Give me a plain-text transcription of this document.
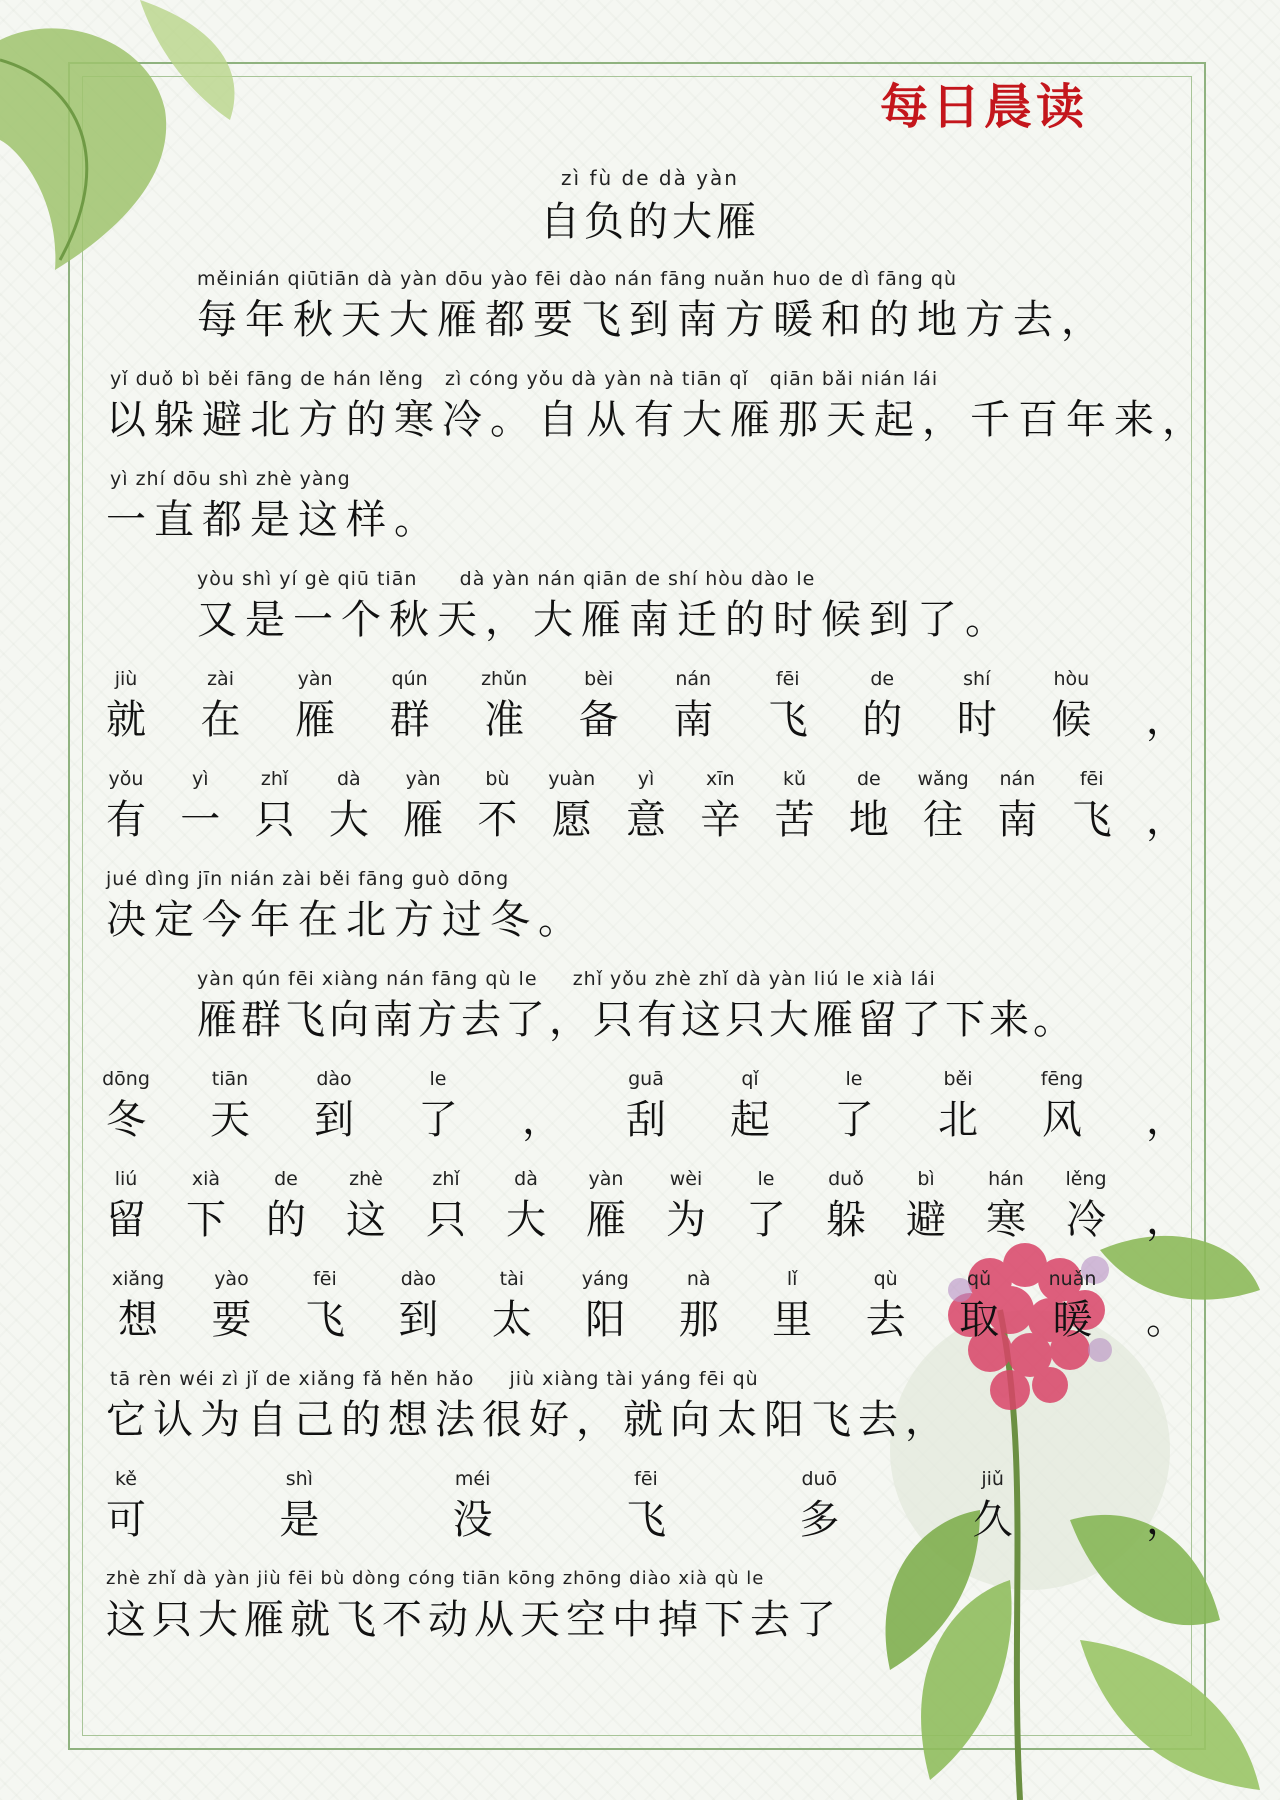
每日晨读
zì fù de dà yàn
自负的大雁
měinián qiūtiān dà yàn dōu yào fēi dào nán fāng nuǎn huo de dì fāng qù
每年秋天大雁都要飞到南方暖和的地方去，
yǐ duǒ bì běi fāng de hán lěng   zì cóng yǒu dà yàn nà tiān qǐ   qiān bǎi nián lái
以躲避北方的寒冷。自从有大雁那天起，千百年来，
yì zhí dōu shì zhè yàng
一直都是这样。
yòu shì yí gè qiū tiān      dà yàn nán qiān de shí hòu dào le
又是一个秋天，大雁南迁的时候到了。
jiù	zài	yàn	qún	zhǔn	bèi	nán	fēi	de	shí	hòu
就 在 雁 群 准 备 南 飞 的 时 候 ，
yǒu	yì	zhǐ	dà	yàn	bù	yuàn	yì	xīn	kǔ	de	wǎng	nán	fēi
有 一 只 大 雁 不 愿 意 辛 苦 地 往 南 飞 ，
jué dìng jīn nián zài běi fāng guò dōng
决定今年在北方过冬。
yàn qún fēi xiàng nán fāng qù le     zhǐ yǒu zhè zhǐ dà yàn liú le xià lái
雁群飞向南方去了，只有这只大雁留了下来。
dōng	tiān	dào	le	guā	qǐ	le	běi	fēng
冬 天 到 了 ， 刮 起 了 北 风 ，
liú	xià	de	zhè	zhǐ	dà	yàn	wèi	le	duǒ	bì	hán	lěng
留 下 的 这 只 大 雁 为 了 躲 避 寒 冷 ，
xiǎng	yào	fēi	dào	tài	yáng	nà	lǐ	qù	qǔ	nuǎn
想 要 飞 到 太 阳 那 里 去 取 暖 。
tā rèn wéi zì jǐ de xiǎng fǎ hěn hǎo     jiù xiàng tài yáng fēi qù
它认为自己的想法很好，就向太阳飞去，
kě	shì	méi	fēi	duō	jiǔ
可	是	没	飞	多	久	，
zhè zhǐ dà yàn jiù fēi bù dòng cóng tiān kōng zhōng diào xià qù le
这只大雁就飞不动从天空中掉下去了
